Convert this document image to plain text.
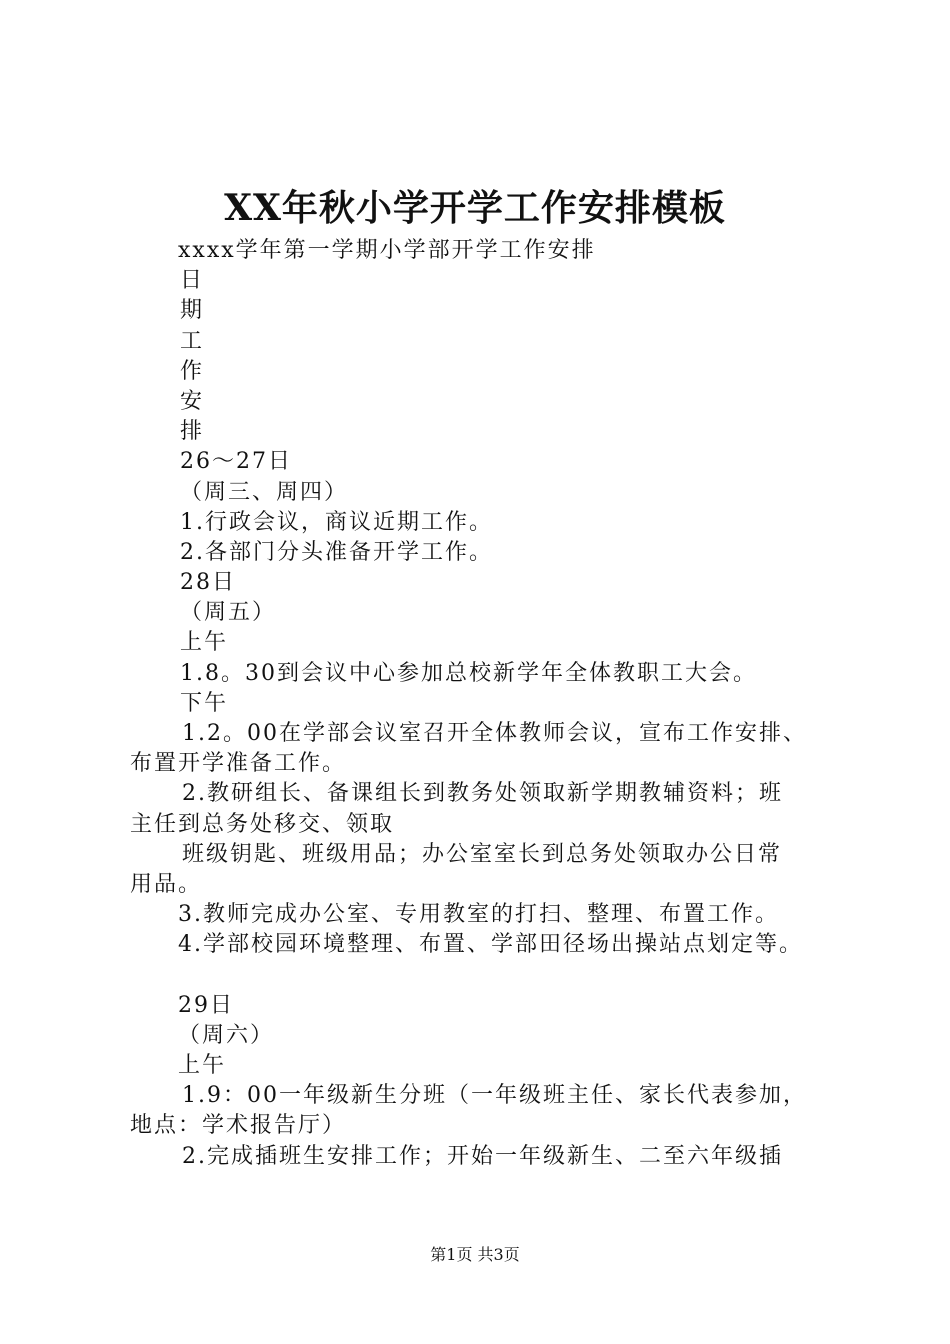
XX年秋小学开学工作安排模板
xxxx学年第一学期小学部开学工作安排
日
期
工
作
安
排
26～27日
（周三、周四）
1.行政会议，商议近期工作。
2.各部门分头准备开学工作。
28日
（周五）
上午
1.8。30到会议中心参加总校新学年全体教职工大会。
下午
1.2。00在学部会议室召开全体教师会议，宣布工作安排、
布置开学准备工作。
2.教研组长、备课组长到教务处领取新学期教辅资料；班
主任到总务处移交、领取
班级钥匙、班级用品；办公室室长到总务处领取办公日常
用品。
3.教师完成办公室、专用教室的打扫、整理、布置工作。
4.学部校园环境整理、布置、学部田径场出操站点划定等。
29日
（周六）
上午
1.9：00一年级新生分班（一年级班主任、家长代表参加，
地点：学术报告厅）
2.完成插班生安排工作；开始一年级新生、二至六年级插
第1页 共3页
